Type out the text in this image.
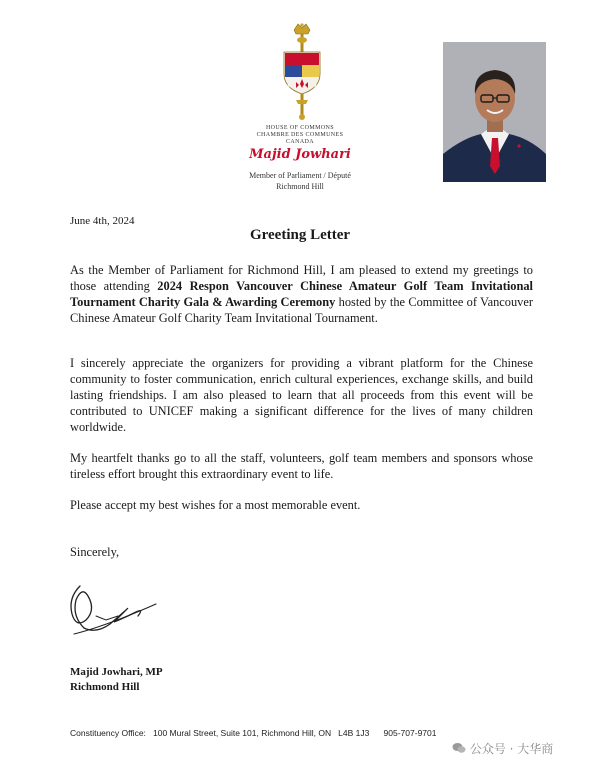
HOUSE OF COMMONS
CHAMBRE DES COMMUNES
CANADA
Majid Jowhari
Member of Parliament / Député
Richmond Hill
June 4th, 2024
Greeting Letter
As the Member of Parliament for Richmond Hill, I am pleased to extend my greetings to those attending 2024 Respon Vancouver Chinese Amateur Golf Team Invitational Tournament Charity Gala & Awarding Ceremony hosted by the Committee of Vancouver Chinese Amateur Golf Charity Team Invitational Tournament.
I sincerely appreciate the organizers for providing a vibrant platform for the Chinese community to foster communication, enrich cultural experiences, exchange skills, and build lasting friendships. I am also pleased to learn that all proceeds from this event will be contributed to UNICEF making a significant difference for the lives of many children worldwide.
My heartfelt thanks go to all the staff, volunteers, golf team members and sponsors whose tireless effort brought this extraordinary event to life.
Please accept my best wishes for a most memorable event.
Sincerely,
Majid Jowhari, MP
Richmond Hill
Constituency Office:   100 Mural Street, Suite 101, Richmond Hill, ON   L4B 1J3      905-707-9701
公众号 · 大华商
